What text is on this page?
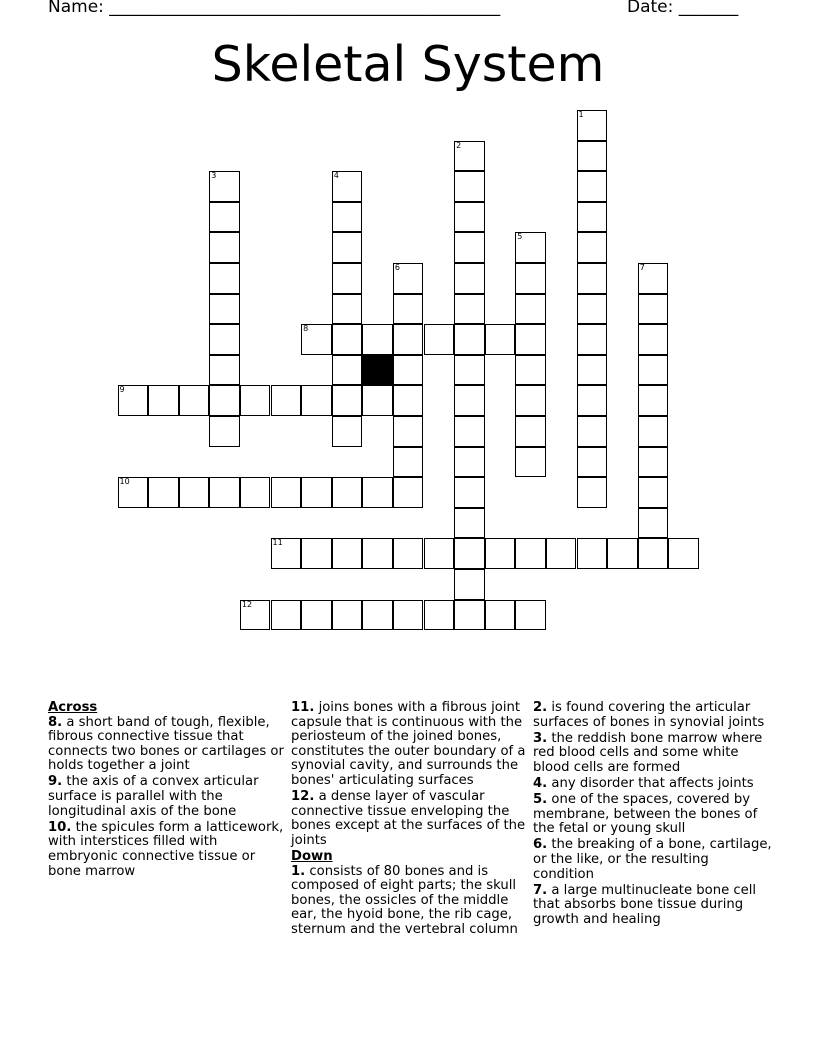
Name: ______________________________________________	Date: _______
Skeletal System
1
2
3	4
5
6	7
8
9
10
11
12
Across
8. a short band of tough, flexible, fibrous connective tissue that connects two bones or cartilages or holds together a joint
9. the axis of a convex articular surface is parallel with the longitudinal axis of the bone
10. the spicules form a latticework, with interstices filled with embryonic connective tissue or bone marrow
11. joins bones with a fibrous joint capsule that is continuous with the periosteum of the joined bones, constitutes the outer boundary of a synovial cavity, and surrounds the bones' articulating surfaces
12. a dense layer of vascular connective tissue enveloping the bones except at the surfaces of the joints
Down
1. consists of 80 bones and is composed of eight parts; the skull bones, the ossicles of the middle ear, the hyoid bone, the rib cage, sternum and the vertebral column
2. is found covering the articular surfaces of bones in synovial joints
3. the reddish bone marrow where red blood cells and some white blood cells are formed
4. any disorder that affects joints
5. one of the spaces, covered by membrane, between the bones of the fetal or young skull
6. the breaking of a bone, cartilage, or the like, or the resulting condition
7. a large multinucleate bone cell that absorbs bone tissue during growth and healing
